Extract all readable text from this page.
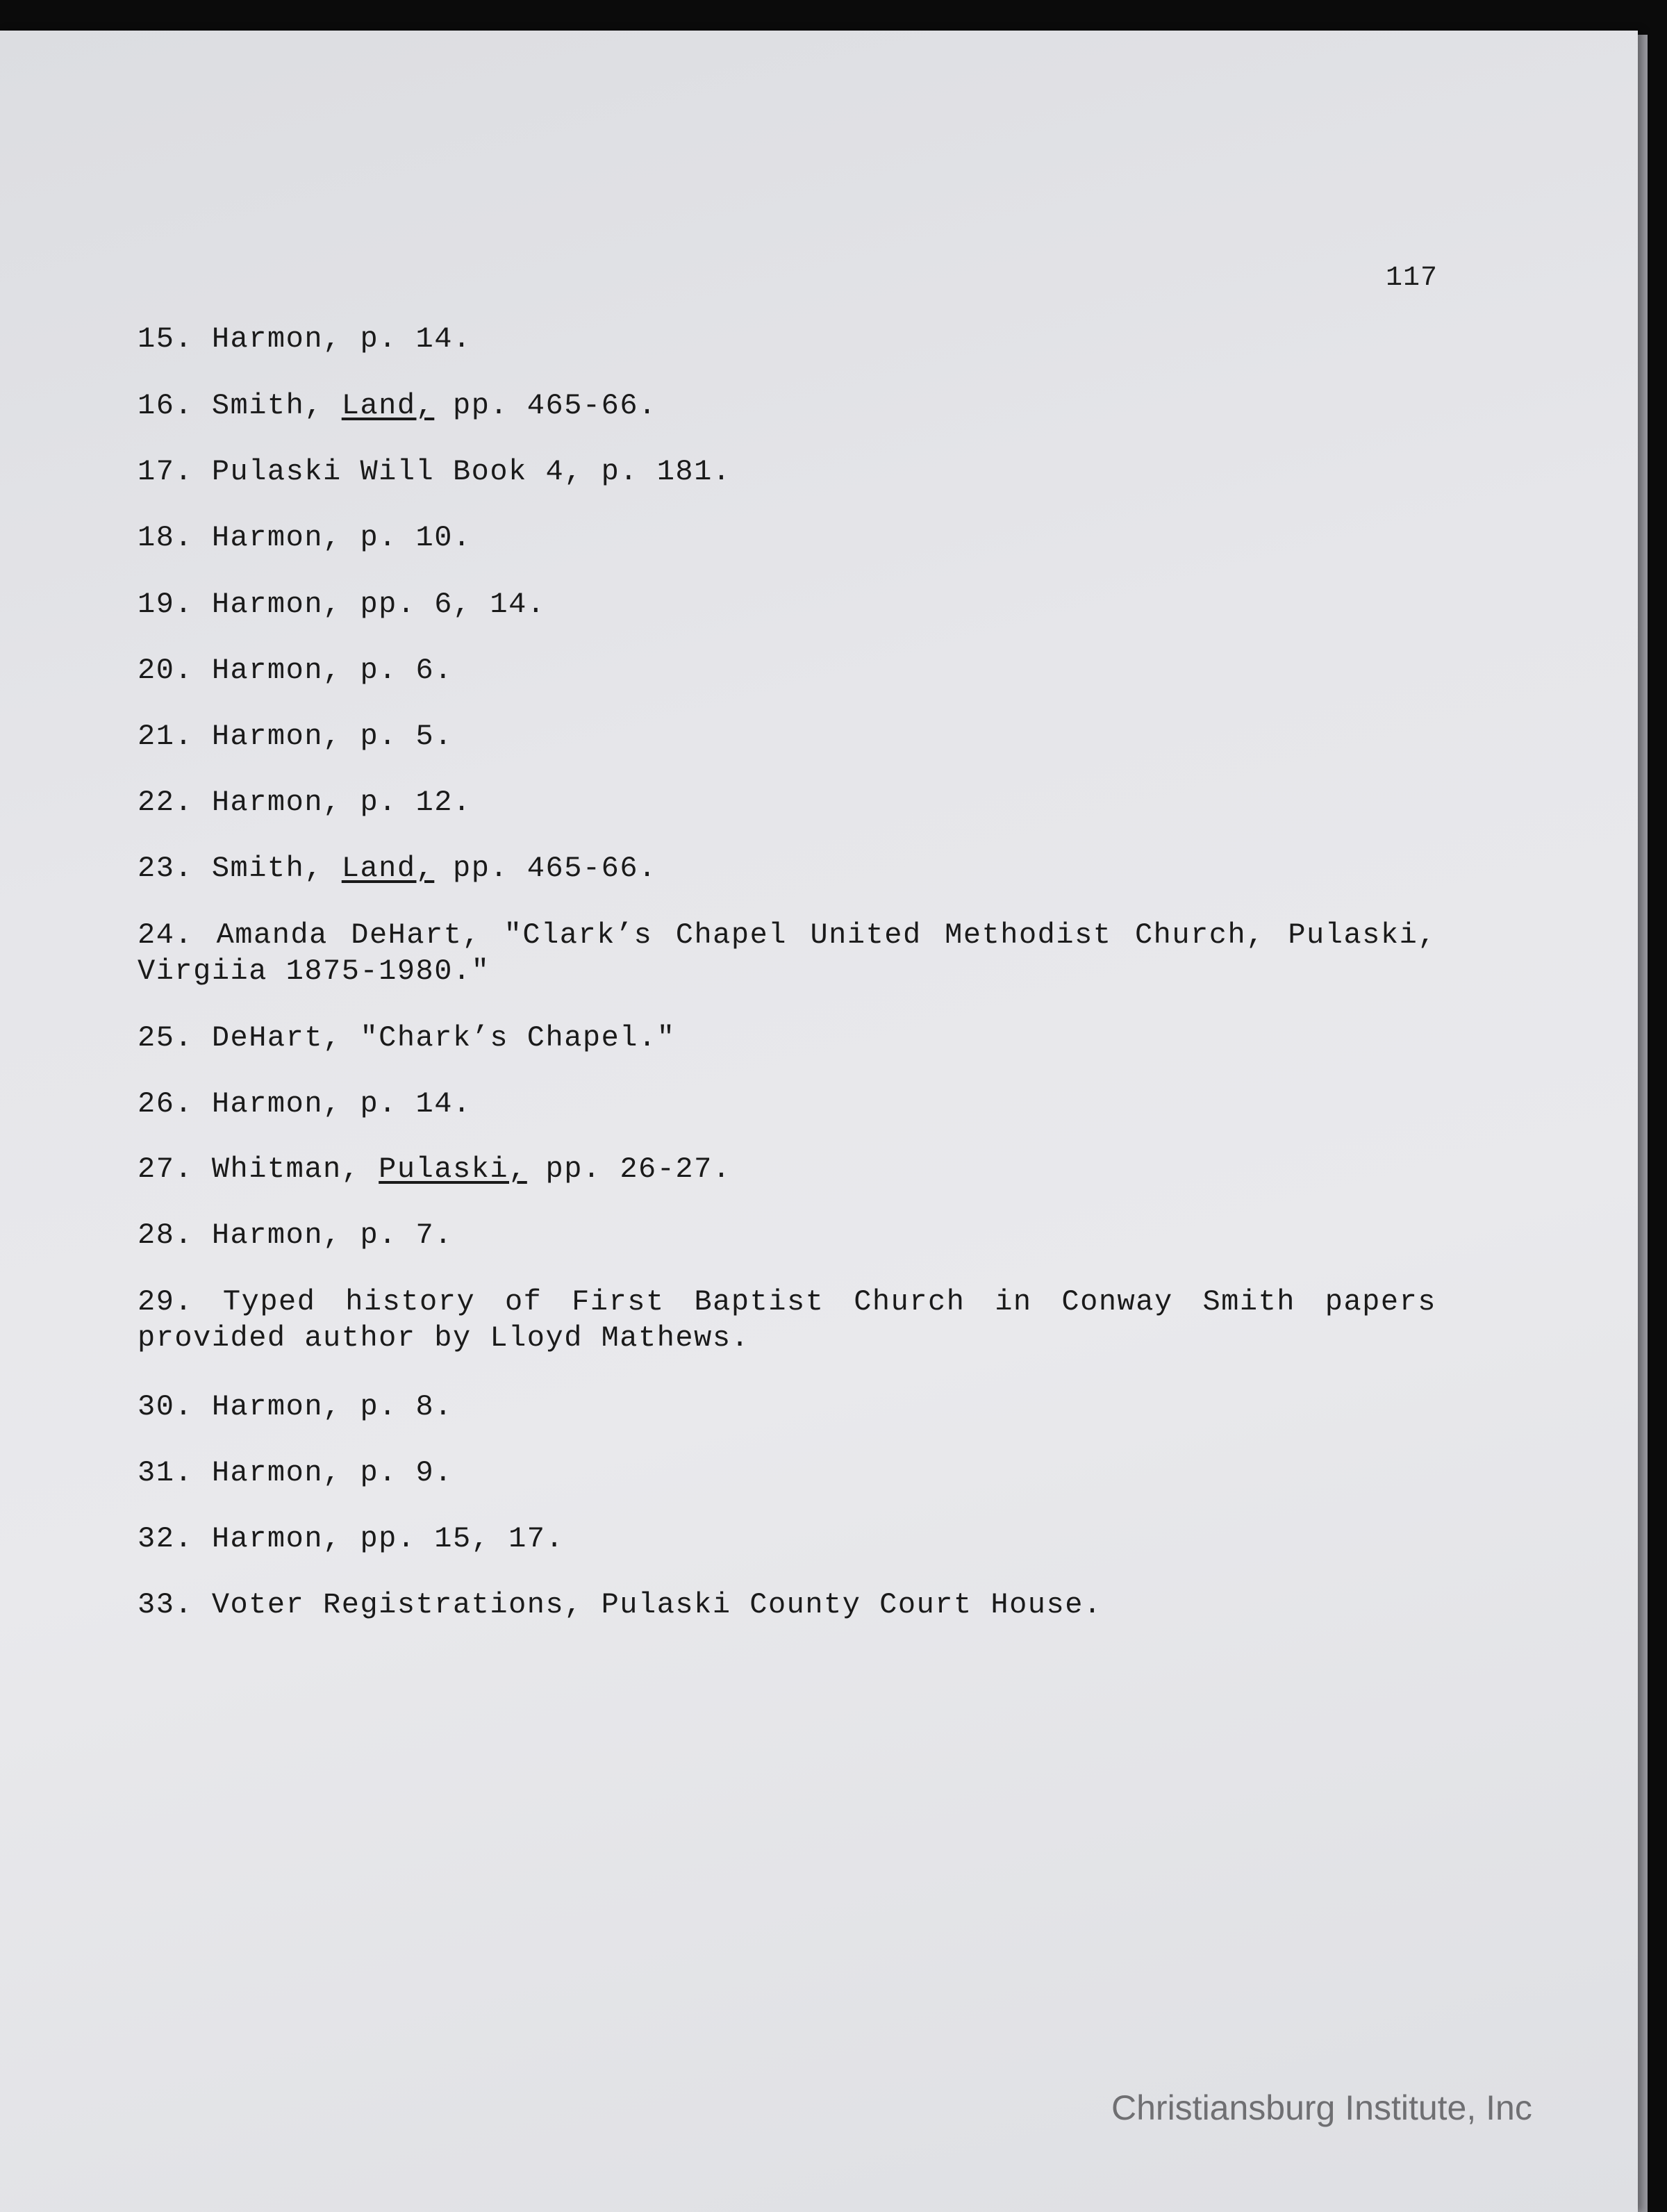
117

15. Harmon, p. 14.

16. Smith, Land, pp. 465-66.

17. Pulaski Will Book 4, p. 181.

18. Harmon, p. 10.

19. Harmon, pp. 6, 14.

20. Harmon, p. 6.

21. Harmon, p. 5.

22. Harmon, p. 12.

23. Smith, Land, pp. 465-66.

24. Amanda DeHart, "Clark’s Chapel United Methodist Church, Pulaski, Virgiia 1875-1980."

25. DeHart, "Chark’s Chapel."

26. Harmon, p. 14.

27. Whitman, Pulaski, pp. 26-27.

28. Harmon, p. 7.

29. Typed history of First Baptist Church in Conway Smith papers provided author by Lloyd Mathews.

30. Harmon, p. 8.

31. Harmon, p. 9.

32. Harmon, pp. 15, 17.

33. Voter Registrations, Pulaski County Court House.

Christiansburg Institute, Inc
